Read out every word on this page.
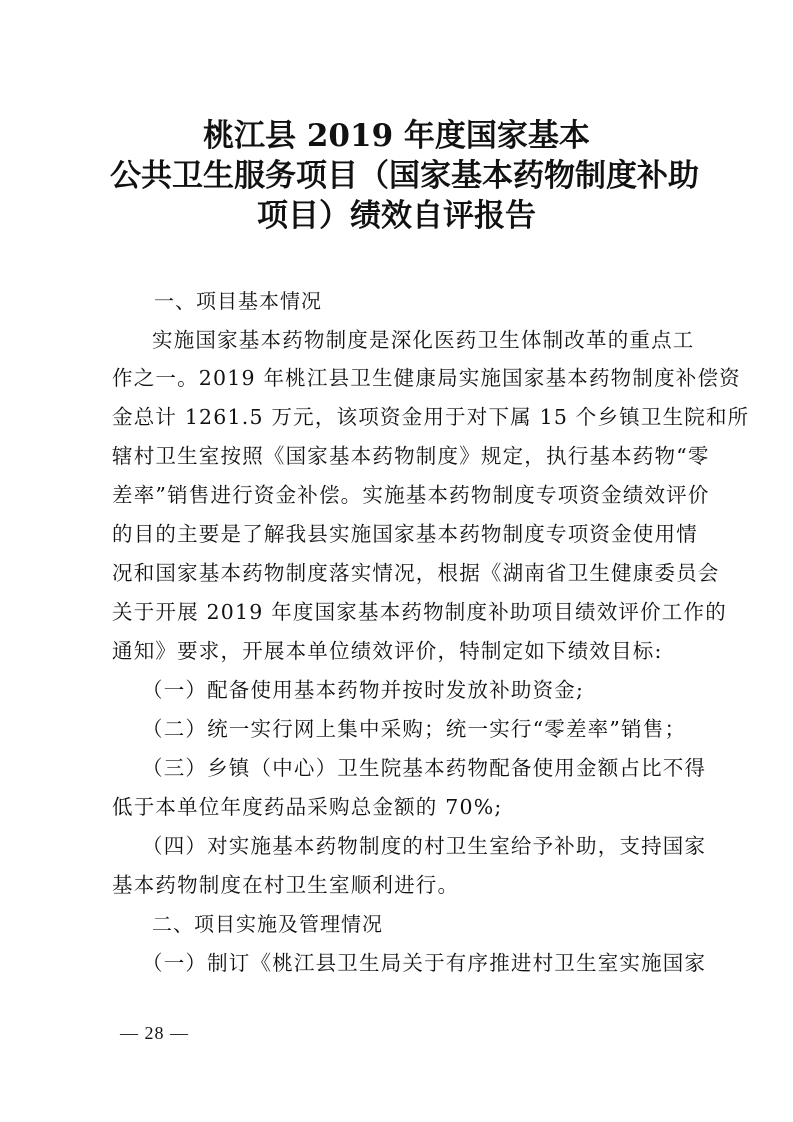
桃江县 2019 年度国家基本
公共卫生服务项目（国家基本药物制度补助
项目）绩效自评报告
一、项目基本情况
实施国家基本药物制度是深化医药卫生体制改革的重点工
作之一。2019 年桃江县卫生健康局实施国家基本药物制度补偿资
金总计 1261.5 万元，该项资金用于对下属 15 个乡镇卫生院和所
辖村卫生室按照《国家基本药物制度》规定，执行基本药物“零
差率”销售进行资金补偿。实施基本药物制度专项资金绩效评价
的目的主要是了解我县实施国家基本药物制度专项资金使用情
况和国家基本药物制度落实情况，根据《湖南省卫生健康委员会
关于开展 2019 年度国家基本药物制度补助项目绩效评价工作的
通知》要求，开展本单位绩效评价，特制定如下绩效目标:
（一）配备使用基本药物并按时发放补助资金;
（二）统一实行网上集中采购；统一实行“零差率”销售；
（三）乡镇（中心）卫生院基本药物配备使用金额占比不得
低于本单位年度药品采购总金额的 70%;
（四）对实施基本药物制度的村卫生室给予补助，支持国家
基本药物制度在村卫生室顺利进行。
二、项目实施及管理情况
（一）制订《桃江县卫生局关于有序推进村卫生室实施国家
— 28 —
